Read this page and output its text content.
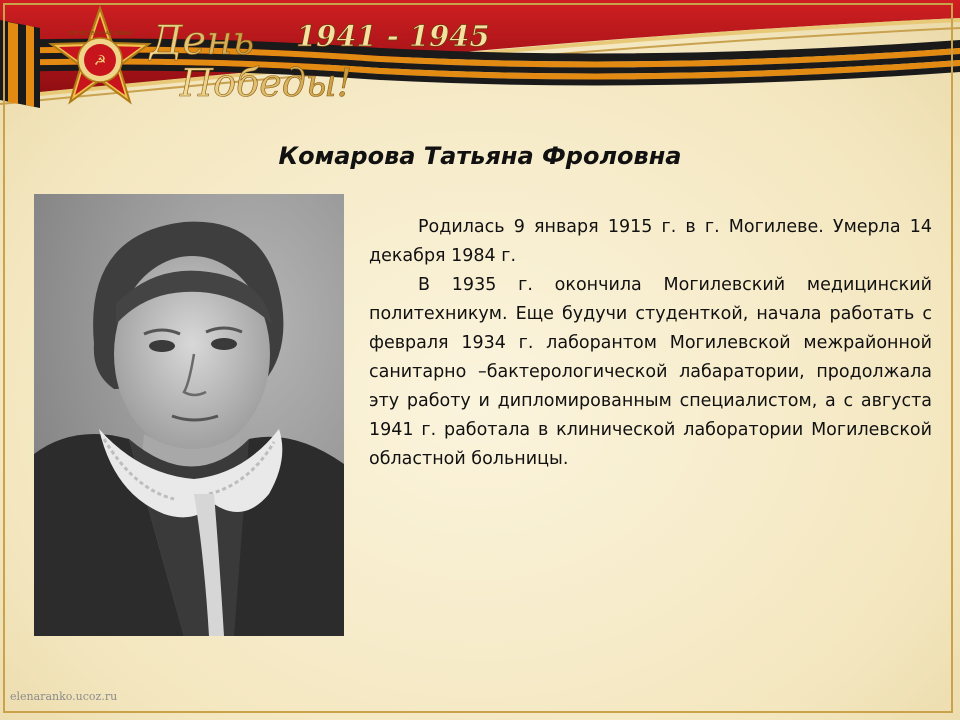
☭
ОТЕЧЕСТВЕННАЯ ВОЙНА День
Победы!
1941 - 1945
Комарова Татьяна Фроловна

Родилась 9 января 1915 г. в г. Могилеве. Умерла 14 декабря 1984 г.

В 1935 г. окончила Могилевский медицинский политехникум. Еще будучи студенткой, начала работать с февраля 1934 г. лаборантом Могилевской межрайонной санитарно –бактерологической лабаратории, продолжала эту работу и дипломированным специалистом, а с августа 1941 г. работала в клинической лаборатории Могилевской областной больницы.

elenaranko.ucoz.ru
